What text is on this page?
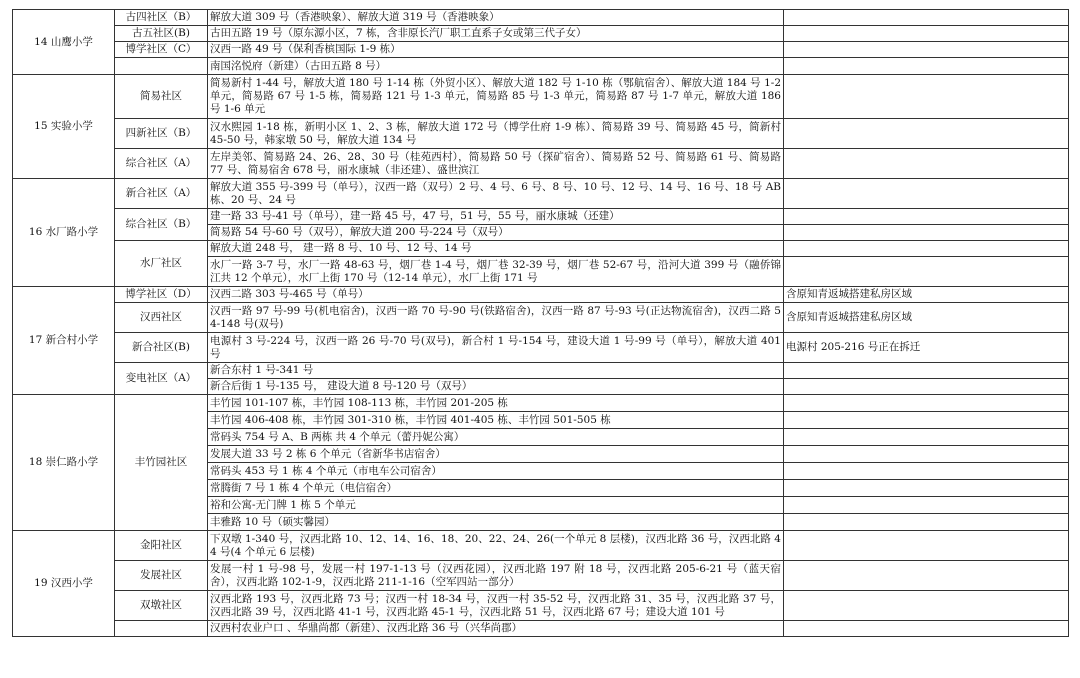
14 山鹰小学	古四社区（B）	解放大道 309 号（香港映象）、解放大道 319 号（香港映象）	
	古五社区(B)	古田五路 19 号（原东源小区，7 栋，含非原长汽厂职工直系子女或第三代子女）	
	博学社区（C）	汉西一路 49 号（保利香槟国际 1-9 栋）	
		南国洺悦府（新建）（古田五路 8 号）	
15 实验小学	简易社区	简易新村 1-44 号，解放大道 180 号 1-14 栋（外贸小区）、解放大道 182 号 1-10 栋（鄂航宿舍）、解放大道 184 号 1-2 单元，简易路 67 号 1-5 栋，简易路 121 号 1-3 单元，简易路 85 号 1-3 单元，简易路 87 号 1-7 单元，解放大道 186 号 1-6 单元	
	四新社区（B）	汉水熙园 1-18 栋，新明小区 1、2、3 栋，解放大道 172 号（博学仕府 1-9 栋）、简易路 39 号、简易路 45 号，简新村 45-50 号，韩家墩 50 号，解放大道 134 号	
	综合社区（A）	左岸美邻、简易路 24、26、28、30 号（桂苑西村），简易路 50 号（探矿宿舍）、简易路 52 号、简易路 61 号、简易路 77 号、简易宿舍 678 号，丽水康城（非还建）、盛世滨江	
16 水厂路小学	新合社区（A）	解放大道 355 号-399 号（单号），汉西一路（双号）2 号、4 号、6 号、8 号、10 号、12 号、14 号、16 号、18 号 AB 栋、20 号、24 号	
	综合社区（B）	建一路 33 号-41 号（单号），建一路 45 号，47 号，51 号，55 号，丽水康城（还建）	
		简易路 54 号-60 号（双号），解放大道 200 号-224 号（双号）	
	水厂社区	解放大道 248 号， 建一路 8 号、10 号、12 号、14 号	
		水厂一路 3-7 号，水厂一路 48-63 号，烟厂巷 1-4 号，烟厂巷 32-39 号，烟厂巷 52-67 号，沿河大道 399 号（融侨锦江共 12 个单元），水厂上街 170 号（12-14 单元），水厂上街 171 号	
17 新合村小学	博学社区（D）	汉西二路 303 号-465 号（单号）	含原知青返城搭建私房区域
	汉西社区	汉西一路 97 号-99 号(机电宿舍)，汉西一路 70 号-90 号(铁路宿舍)，汉西一路 87 号-93 号(正达物流宿舍)，汉西二路 54-148 号(双号)	含原知青返城搭建私房区域
	新合社区(B)	电源村 3 号-224 号，汉西一路 26 号-70 号(双号)，新合村 1 号-154 号，建设大道 1 号-99 号（单号），解放大道 401 号	电源村 205-216 号正在拆迁
	变电社区（A）	新合东村 1 号-341 号	
		新合后街 1 号-135 号， 建设大道 8 号-120 号（双号）	
18 崇仁路小学	丰竹园社区	丰竹园 101-107 栋，丰竹园 108-113 栋，丰竹园 201-205 栋	
		丰竹园 406-408 栋，丰竹园 301-310 栋，丰竹园 401-405 栋、丰竹园 501-505 栋	
		常码头 754 号 A、B 两栋 共 4 个单元（蕾丹妮公寓）	
		发展大道 33 号 2 栋 6 个单元（省新华书店宿舍）	
		常码头 453 号 1 栋 4 个单元（市电车公司宿舍）	
		常腾街 7 号 1 栋 4 个单元（电信宿舍）	
		裕和公寓-无门牌 1 栋 5 个单元	
		丰雅路 10 号（硕实馨园）	
19 汉西小学	金阳社区	下双墩 1-340 号，汉西北路 10、12、14、16、18、20、22、24、26(一个单元 8 层楼)，汉西北路 36 号，汉西北路 44 号(4 个单元 6 层楼)	
	发展社区	发展一村 1 号-98 号，发展一村 197-1-13 号（汉西花园），汉西北路 197 附 18 号，汉西北路 205-6-21 号（蓝天宿舍），汉西北路 102-1-9，汉西北路 211-1-16（空军四站一部分）	
	双墩社区	汉西北路 193 号，汉西北路 73 号；汉西一村 18-34 号，汉西一村 35-52 号，汉西北路 31、35 号，汉西北路 37 号，汉西北路 39 号，汉西北路 41-1 号，汉西北路 45-1 号，汉西北路 51 号，汉西北路 67 号；建设大道 101 号	
		汉西村农业户口 、华鼎尚都（新建）、汉西北路 36 号（兴华尚郡）	
